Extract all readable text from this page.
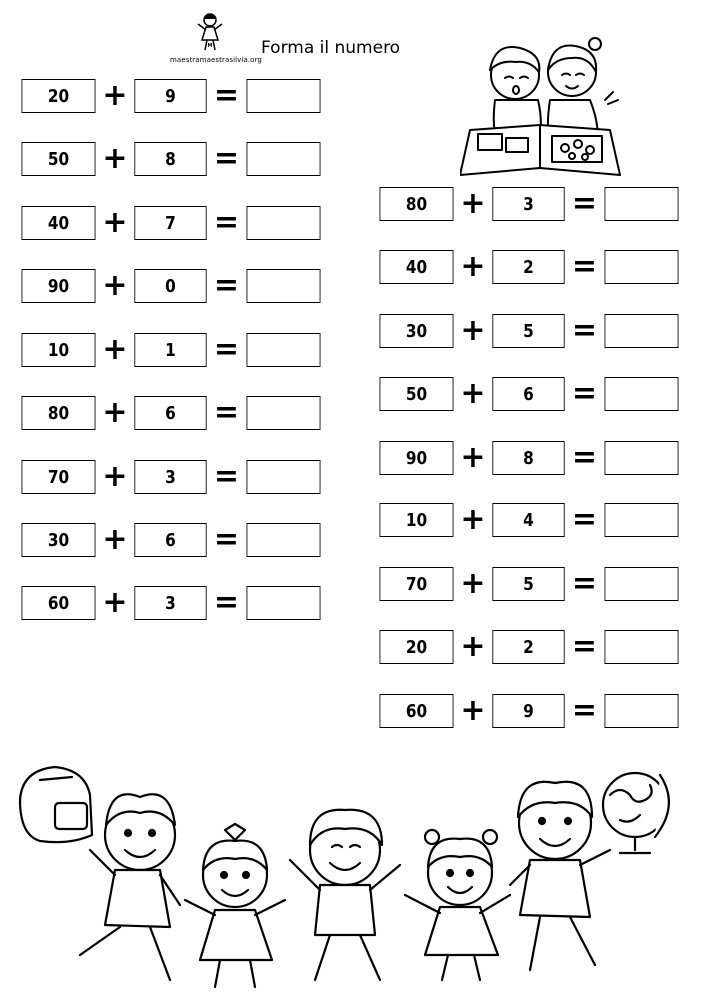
M
maestramaestrasilvia.org
Forma il numero
20	+	9	=
50	+	8	=
40	+	7	=
90	+	0	=
10	+	1	=
80	+	6	=
70	+	3	=
30	+	6	=
60	+	3	=
80	+	3	=
40	+	2	=
30	+	5	=
50	+	6	=
90	+	8	=
10	+	4	=
70	+	5	=
20	+	2	=
60	+	9	=
